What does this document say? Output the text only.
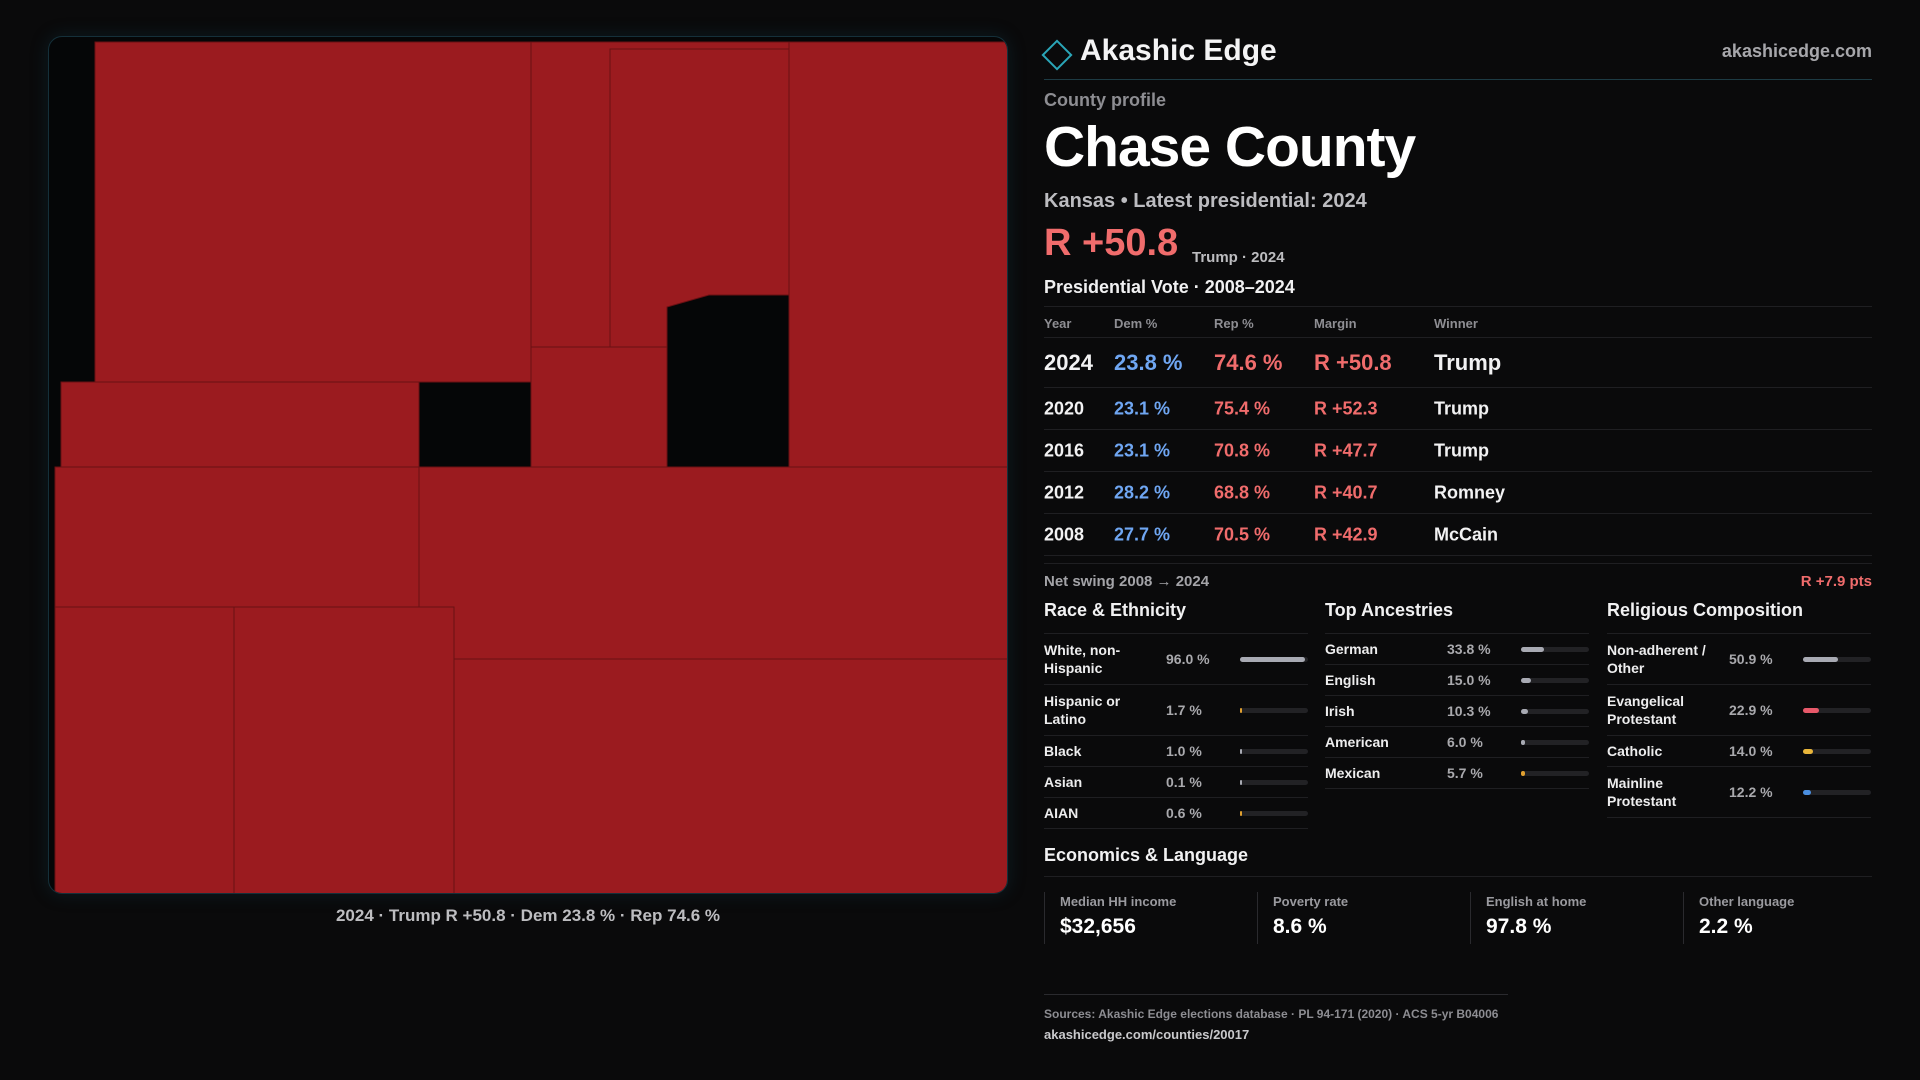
2024 · Trump R +50.8 · Dem 23.8 % · Rep 74.6 %
Akashic Edge	akashicedge.com
County profile
Chase County
Kansas • Latest presidential: 2024
R +50.8 Trump · 2024
Presidential Vote · 2008–2024
Year	Dem %	Rep %	Margin	Winner
2024 23.8 % 74.6 % R +50.8 Trump
2020 23.1 % 75.4 % R +52.3	Trump
2016 23.1 % 70.8 % R +47.7	Trump
2012 28.2 % 68.8 % R +40.7	Romney
2008 27.7 % 70.5 % R +42.9	McCain
Net swing 2008 → 2024	R +7.9 pts
Race & Ethnicity
White, non-Hispanic
96.0 %
Hispanic or Latino
1.7 %
Black	1.0 %
Asian	0.1 %
AIAN	0.6 %
Top Ancestries
German	33.8 %
English	15.0 %
Irish	10.3 %
American	6.0 %
Mexican	5.7 %
Religious Composition
Non-adherent / Other
50.9 %
Evangelical Protestant
22.9 %
Catholic	14.0 %
Mainline Protestant
12.2 %
Economics & Language
Median HH income
$32,656
Poverty rate
8.6 %
English at home
97.8 %
Other language
2.2 %
Sources: Akashic Edge elections database · PL 94-171 (2020) · ACS 5-yr B04006
akashicedge.com/counties/20017
